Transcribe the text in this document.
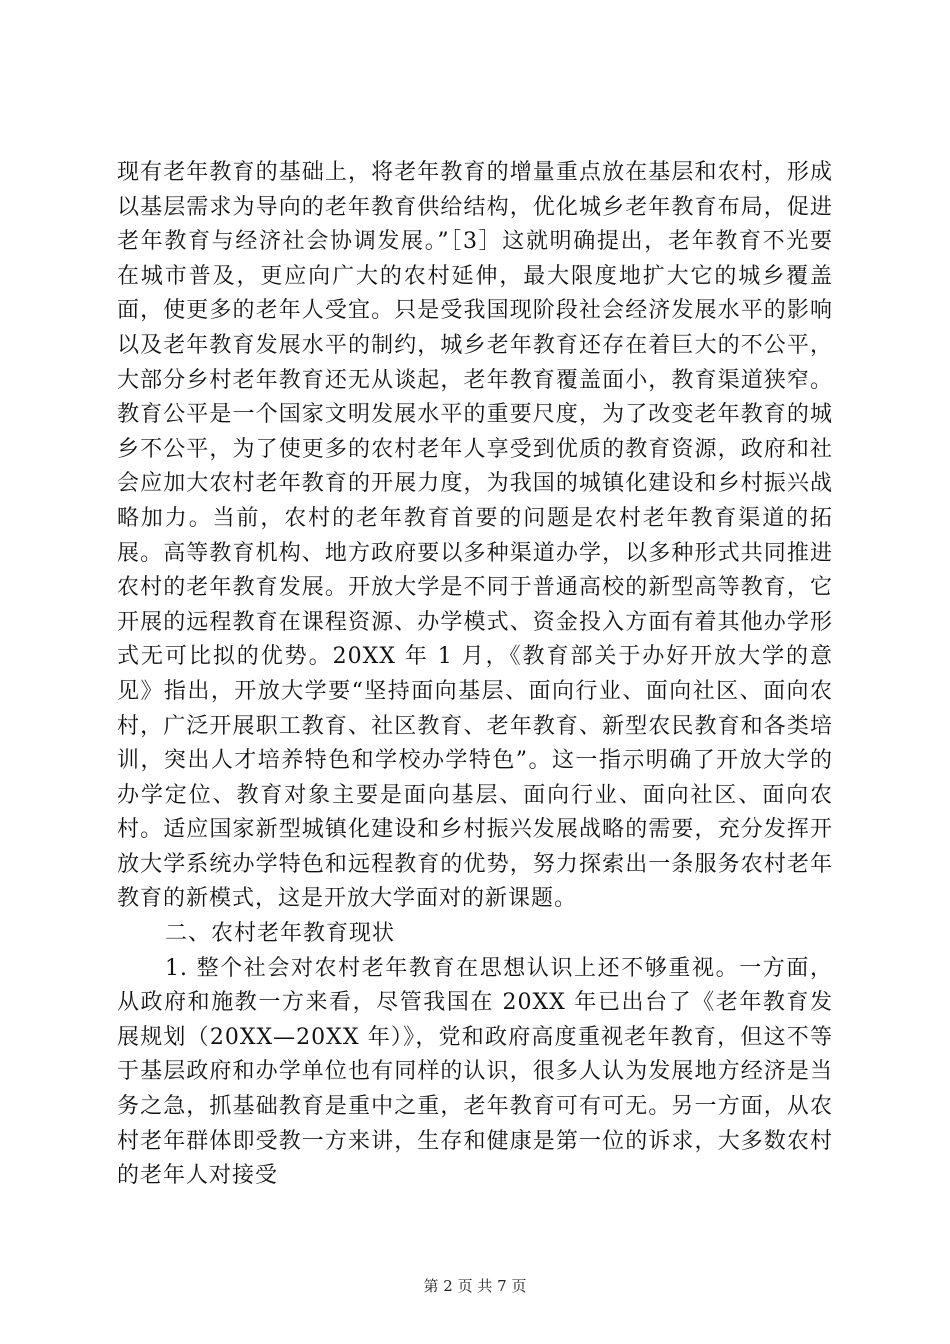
现有老年教育的基础上，将老年教育的增量重点放在基层和农村，形成以基层需求为导向的老年教育供给结构，优化城乡老年教育布局，促进老年教育与经济社会协调发展。”［3］这就明确提出，老年教育不光要在城市普及，更应向广大的农村延伸，最大限度地扩大它的城乡覆盖面，使更多的老年人受宜。只是受我国现阶段社会经济发展水平的影响以及老年教育发展水平的制约，城乡老年教育还存在着巨大的不公平，大部分乡村老年教育还无从谈起，老年教育覆盖面小，教育渠道狭窄。教育公平是一个国家文明发展水平的重要尺度，为了改变老年教育的城乡不公平，为了使更多的农村老年人享受到优质的教育资源，政府和社会应加大农村老年教育的开展力度，为我国的城镇化建设和乡村振兴战略加力。当前，农村的老年教育首要的问题是农村老年教育渠道的拓展。高等教育机构、地方政府要以多种渠道办学，以多种形式共同推进农村的老年教育发展。开放大学是不同于普通高校的新型高等教育，它开展的远程教育在课程资源、办学模式、资金投入方面有着其他办学形式无可比拟的优势。20XX 年 1 月，《教育部关于办好开放大学的意见》指出，开放大学要“坚持面向基层、面向行业、面向社区、面向农村，广泛开展职工教育、社区教育、老年教育、新型农民教育和各类培训，突出人才培养特色和学校办学特色”。这一指示明确了开放大学的办学定位、教育对象主要是面向基层、面向行业、面向社区、面向农村。适应国家新型城镇化建设和乡村振兴发展战略的需要，充分发挥开放大学系统办学特色和远程教育的优势，努力探索出一条服务农村老年教育的新模式，这是开放大学面对的新课题。

二、农村老年教育现状

1. 整个社会对农村老年教育在思想认识上还不够重视。一方面，从政府和施教一方来看，尽管我国在 20XX 年已出台了《老年教育发展规划（20XX—20XX 年）》，党和政府高度重视老年教育，但这不等于基层政府和办学单位也有同样的认识，很多人认为发展地方经济是当务之急，抓基础教育是重中之重，老年教育可有可无。另一方面，从农村老年群体即受教一方来讲，生存和健康是第一位的诉求，大多数农村的老年人对接受

第 2 页 共 7 页
